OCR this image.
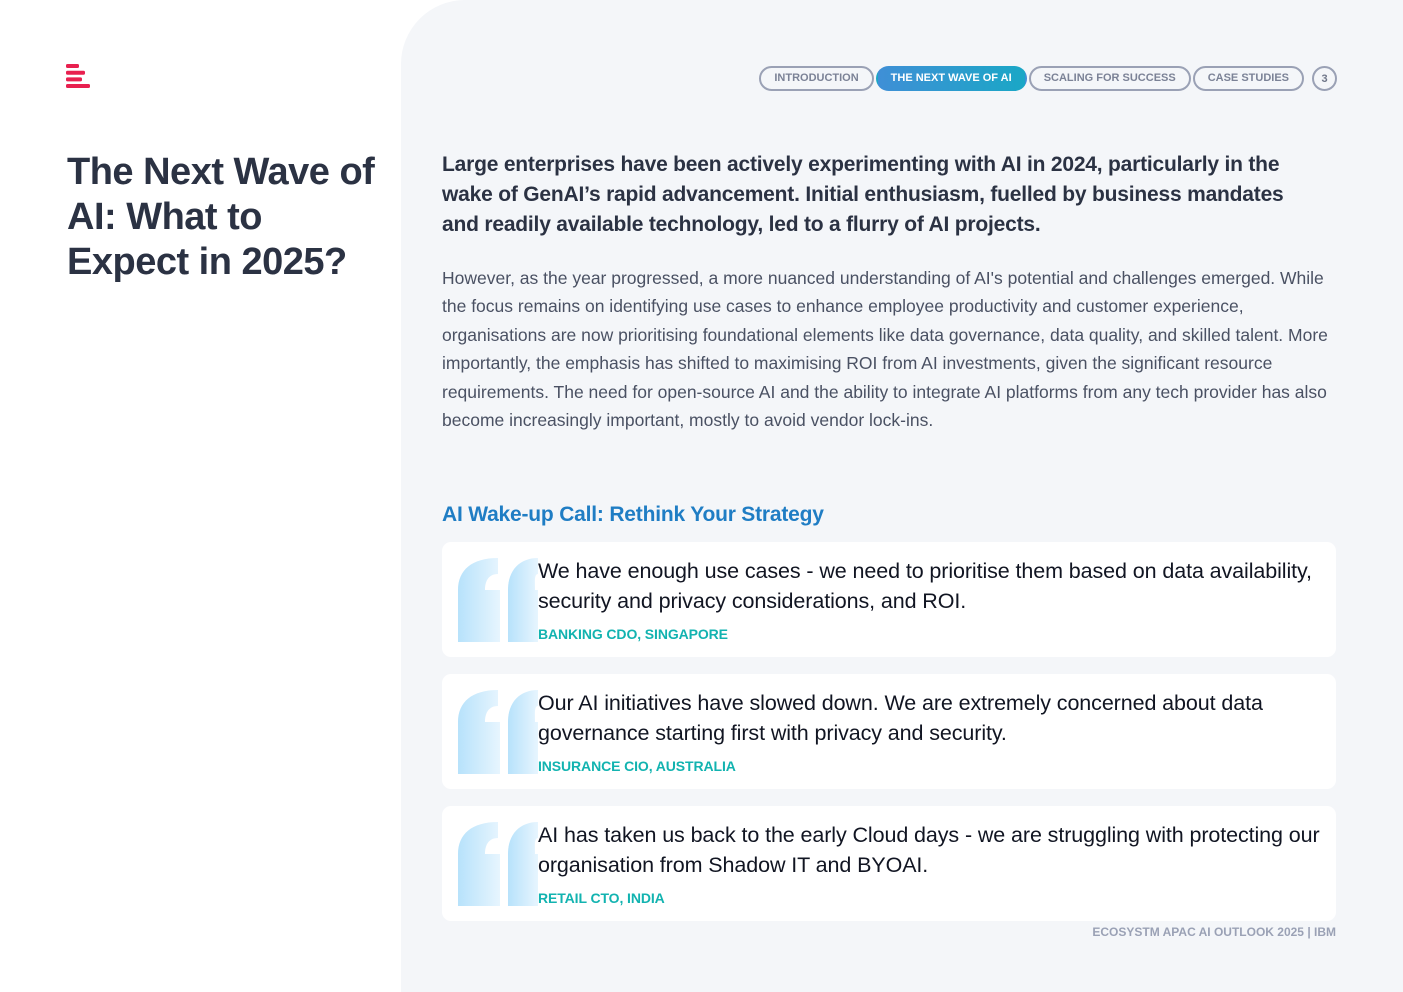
The Next Wave of AI: What to Expect in 2025?
INTRODUCTION	THE NEXT WAVE OF AI	SCALING FOR SUCCESS	CASE STUDIES	3

Large enterprises have been actively experimenting with AI in 2024, particularly in the wake of GenAI’s rapid advancement. Initial enthusiasm, fuelled by business mandates and readily available technology, led to a flurry of AI projects.

However, as the year progressed, a more nuanced understanding of AI's potential and challenges emerged. While the focus remains on identifying use cases to enhance employee productivity and customer experience, organisations are now prioritising foundational elements like data governance, data quality, and skilled talent. More importantly, the emphasis has shifted to maximising ROI from AI investments, given the significant resource requirements. The need for open-source AI and the ability to integrate AI platforms from any tech provider has also become increasingly important, mostly to avoid vendor lock-ins.

AI Wake-up Call: Rethink Your Strategy

We have enough use cases - we need to prioritise them based on data availability, security and privacy considerations, and ROI.

BANKING CDO, SINGAPORE

Our AI initiatives have slowed down. We are extremely concerned about data governance starting first with privacy and security.

INSURANCE CIO, AUSTRALIA

AI has taken us back to the early Cloud days - we are struggling with protecting our organisation from Shadow IT and BYOAI.

RETAIL CTO, INDIA
ECOSYSTM APAC AI OUTLOOK 2025 | IBM
